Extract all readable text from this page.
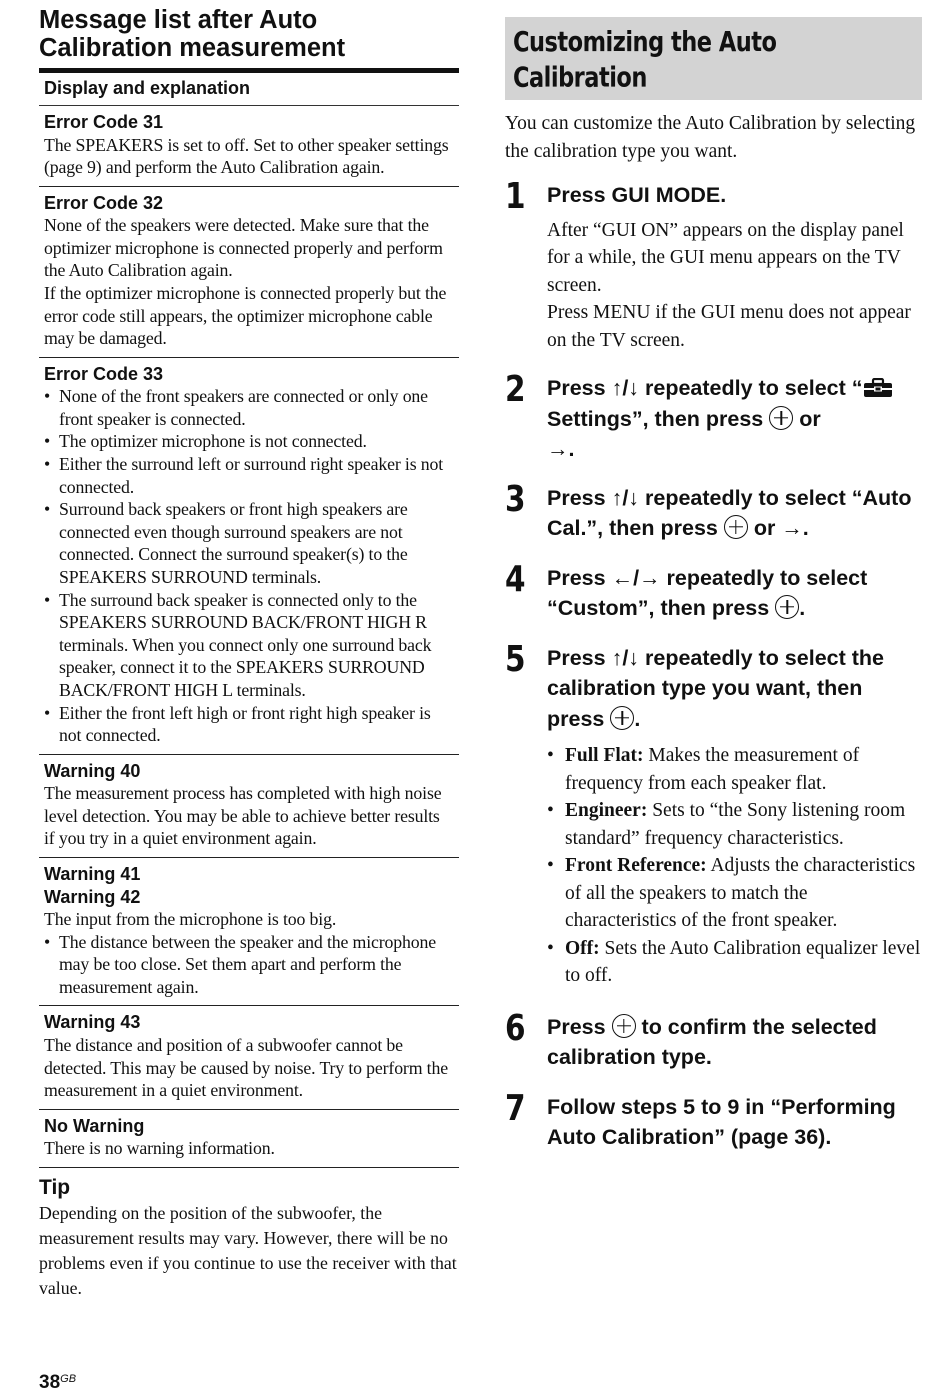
Message list after Auto
Calibration measurement
Display and explanation
Error Code 31
The SPEAKERS is set to off. Set to other speaker settings (page 9) and perform the Auto Calibration again.
Error Code 32
None of the speakers were detected. Make sure that the optimizer microphone is connected properly and perform the Auto Calibration again.
If the optimizer microphone is connected properly but the error code still appears, the optimizer microphone cable may be damaged.
Error Code 33
• None of the front speakers are connected or only one front speaker is connected.
• The optimizer microphone is not connected.
• Either the surround left or surround right speaker is not connected.
• Surround back speakers or front high speakers are connected even though surround speakers are not connected. Connect the surround speaker(s) to the SPEAKERS SURROUND terminals.
• The surround back speaker is connected only to the SPEAKERS SURROUND BACK/FRONT HIGH R terminals. When you connect only one surround back speaker, connect it to the SPEAKERS SURROUND BACK/FRONT HIGH L terminals.
• Either the front left high or front right high speaker is not connected.
Warning 40
The measurement process has completed with high noise level detection. You may be able to achieve better results if you try in a quiet environment again.
Warning 41
Warning 42
The input from the microphone is too big.
• The distance between the speaker and the microphone may be too close. Set them apart and perform the measurement again.
Warning 43
The distance and position of a subwoofer cannot be detected. This may be caused by noise. Try to perform the measurement in a quiet environment.
No Warning
There is no warning information.
Tip
Depending on the position of the subwoofer, the measurement results may vary. However, there will be no problems even if you continue to use the receiver with that value.
$38^{GB}$
Customizing the Auto
Calibration

You can customize the Auto Calibration by selecting the calibration type you want.

1 Press GUI MODE.
After “GUI ON” appears on the display panel for a while, the GUI menu appears on the TV screen.
Press MENU if the GUI menu does not appear on the TV screen.
2 Press ↑/↓ repeatedly to select “ Settings”, then press  or
→.
3 Press ↑/↓ repeatedly to select “Auto Cal.”, then press  or →.
4 Press ←/→ repeatedly to select “Custom”, then press .
5 Press ↑/↓ repeatedly to select the calibration type you want, then press .
• Full Flat: Makes the measurement of frequency from each speaker flat.
• Engineer: Sets to “the Sony listening room standard” frequency characteristics.
• Front Reference: Adjusts the characteristics of all the speakers to match the characteristics of the front speaker.
• Off: Sets the Auto Calibration equalizer level to off.
6 Press  to confirm the selected calibration type.
7 Follow steps 5 to 9 in “Performing Auto Calibration” (page 36).
